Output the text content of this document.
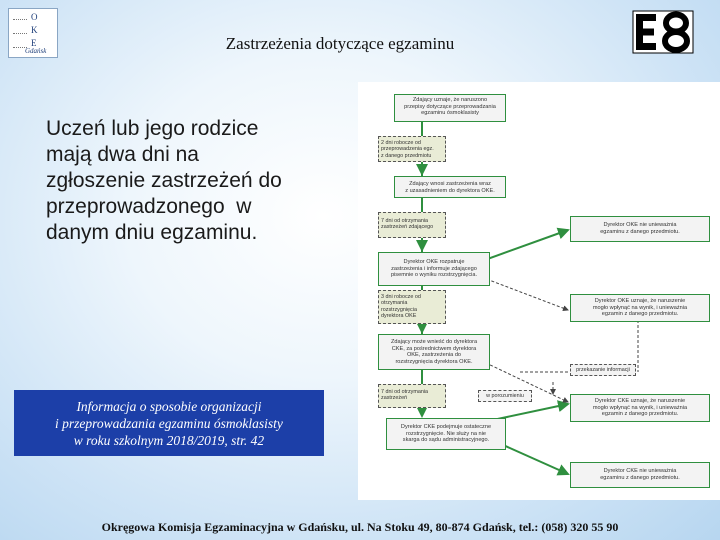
O
K
E
Gdańsk	Zastrzeżenia dotyczące egzaminu
Uczeń lub jego rodzice
mają dwa dni na
zgłoszenie zastrzeżeń do
przeprowadzonego  w
danym dniu egzaminu.
Informacja o sposobie organizacji
i przeprowadzania egzaminu ósmoklasisty
w roku szkolnym 2018/2019, str. 42
Zdający uznaje, że naruszono
przepisy dotyczące przeprowadzania
egzaminu ósmoklasisty
Zdający wnosi zastrzeżenia wraz
z uzasadnieniem do dyrektora OKE.
Dyrektor OKE rozpatruje
zastrzeżenia i informuje zdającego
pisemnie o wyniku rozstrzygnięcia.
Zdający może wnieść do dyrektora
CKE, za pośrednictwem dyrektora
OKE, zastrzeżenia do
rozstrzygnięcia dyrektora OKE.
Dyrektor CKE podejmuje ostateczne
rozstrzygnięcie. Nie służy na nie
skarga do sądu administracyjnego.
2 dni robocze od
przeprowadzenia egz.
z danego przedmiotu
7 dni od otrzymania
zastrzeżeń zdającego
3 dni robocze od
otrzymania
rozstrzygnięcia
dyrektora OKE
7 dni od otrzymania
zastrzeżeń
Dyrektor OKE nie unieważnia
egzaminu z danego przedmiotu.
Dyrektor OKE uznaje, że naruszenie
mogło wpłynąć na wynik, i unieważnia
egzamin z danego przedmiotu.
Dyrektor CKE uznaje, że naruszenie
mogło wpłynąć na wynik, i unieważnia
egzamin z danego przedmiotu.
Dyrektor CKE nie unieważnia
egzaminu z danego przedmiotu.
przekazanie informacji
w porozumieniu
Okręgowa Komisja Egzaminacyjna w Gdańsku, ul. Na Stoku 49, 80-874 Gdańsk, tel.: (058) 320 55 90
